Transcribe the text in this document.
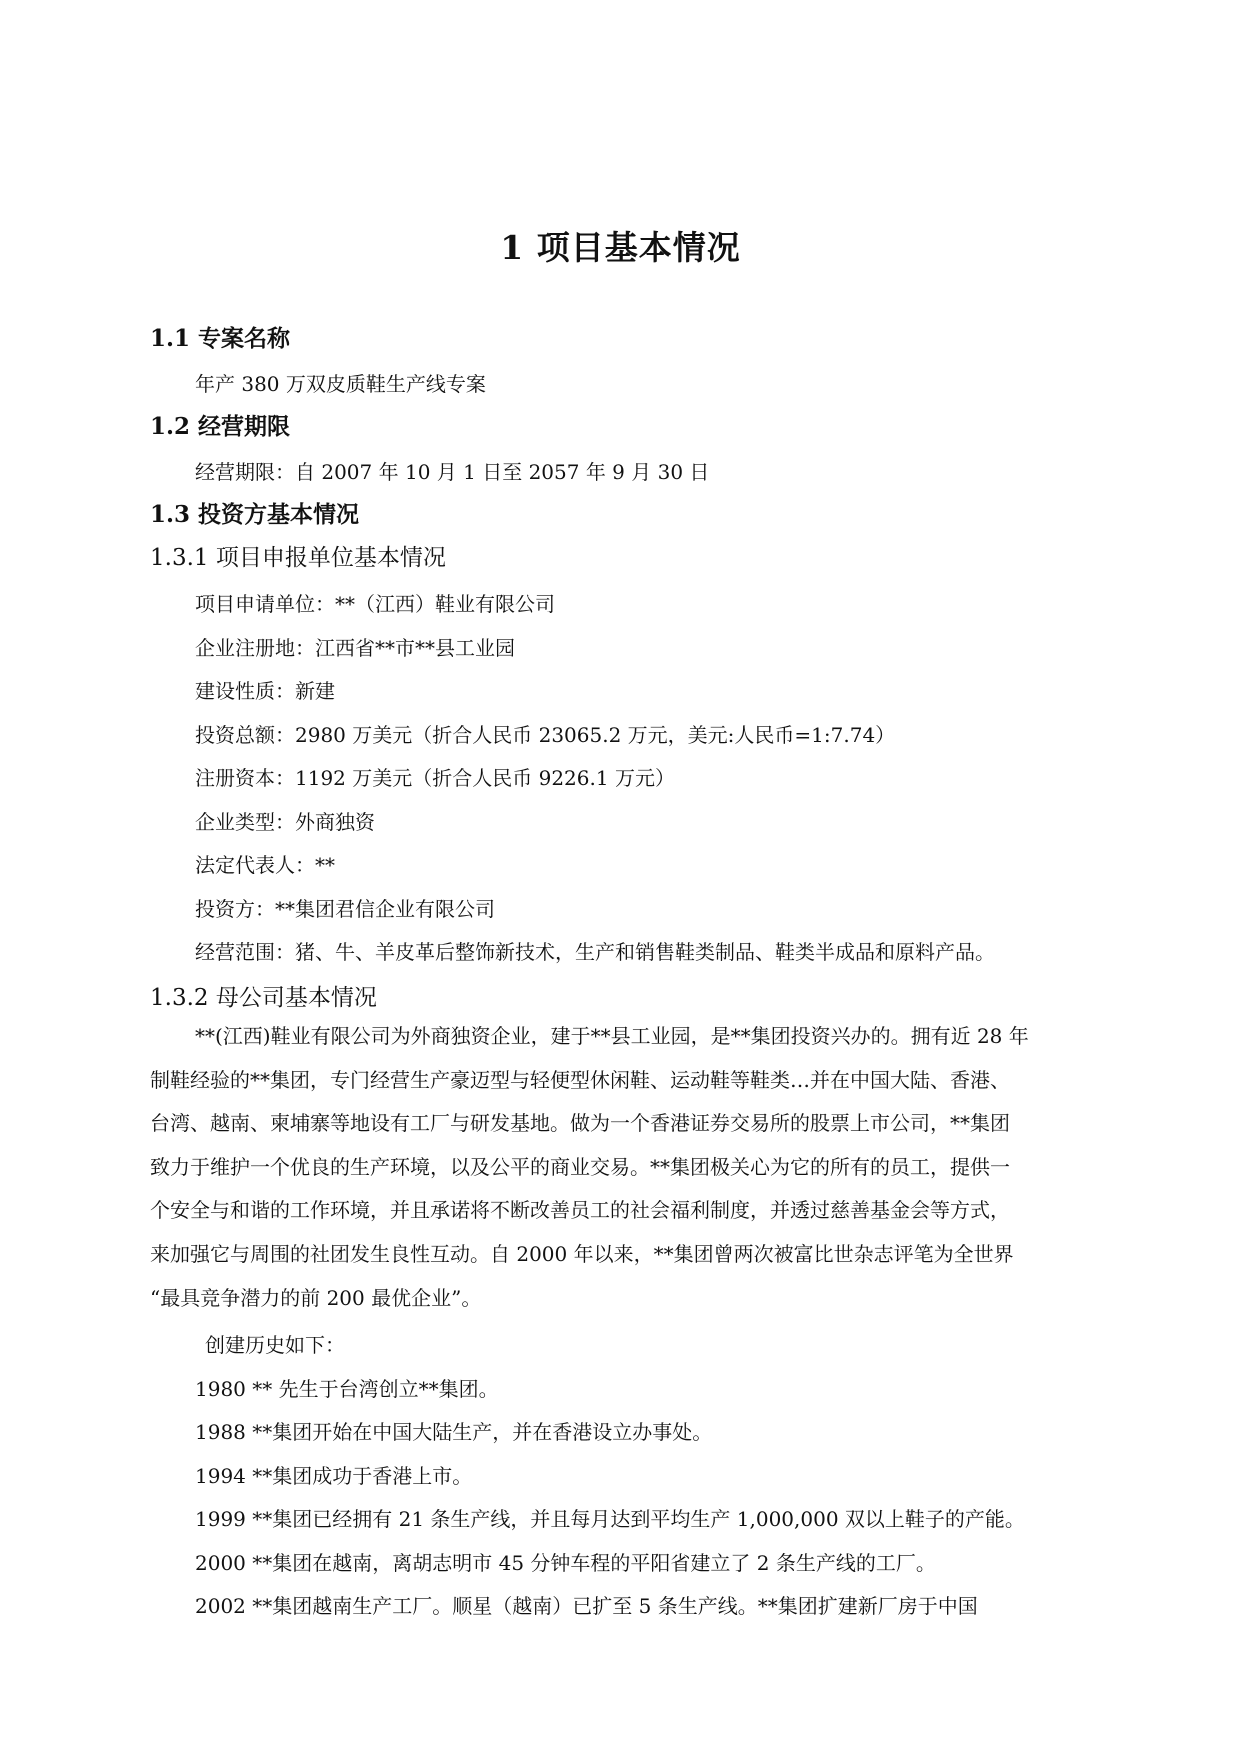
1 项目基本情况
1.1 专案名称
年产 380 万双皮质鞋生产线专案
1.2 经营期限
经营期限：自 2007 年 10 月 1 日至 2057 年 9 月 30 日
1.3 投资方基本情况
1.3.1 项目申报单位基本情况
项目申请单位：**（江西）鞋业有限公司
企业注册地：江西省**市**县工业园
建设性质：新建
投资总额：2980 万美元（折合人民币 23065.2 万元，美元:人民币=1:7.74）
注册资本：1192 万美元（折合人民币 9226.1 万元）
企业类型：外商独资
法定代表人：**
投资方：**集团君信企业有限公司
经营范围：猪、牛、羊皮革后整饰新技术，生产和销售鞋类制品、鞋类半成品和原料产品。
1.3.2 母公司基本情况
**(江西)鞋业有限公司为外商独资企业，建于**县工业园，是**集团投资兴办的。拥有近 28 年
制鞋经验的**集团，专门经营生产豪迈型与轻便型休闲鞋、运动鞋等鞋类…并在中国大陆、香港、
台湾、越南、柬埔寨等地设有工厂与研发基地。做为一个香港证券交易所的股票上市公司，**集团
致力于维护一个优良的生产环境，以及公平的商业交易。**集团极关心为它的所有的员工，提供一
个安全与和谐的工作环境，并且承诺将不断改善员工的社会福利制度，并透过慈善基金会等方式，
来加强它与周围的社团发生良性互动。自 2000 年以来，**集团曾两次被富比世杂志评笔为全世界
“最具竞争潜力的前 200 最优企业”。
创建历史如下：
1980 ** 先生于台湾创立**集团。
1988 **集团开始在中国大陆生产，并在香港设立办事处。
1994 **集团成功于香港上市。
1999 **集团已经拥有 21 条生产线，并且每月达到平均生产 1,000,000 双以上鞋子的产能。
2000 **集团在越南，离胡志明市 45 分钟车程的平阳省建立了 2 条生产线的工厂。
2002 **集团越南生产工厂。顺星（越南）已扩至 5 条生产线。**集团扩建新厂房于中国
